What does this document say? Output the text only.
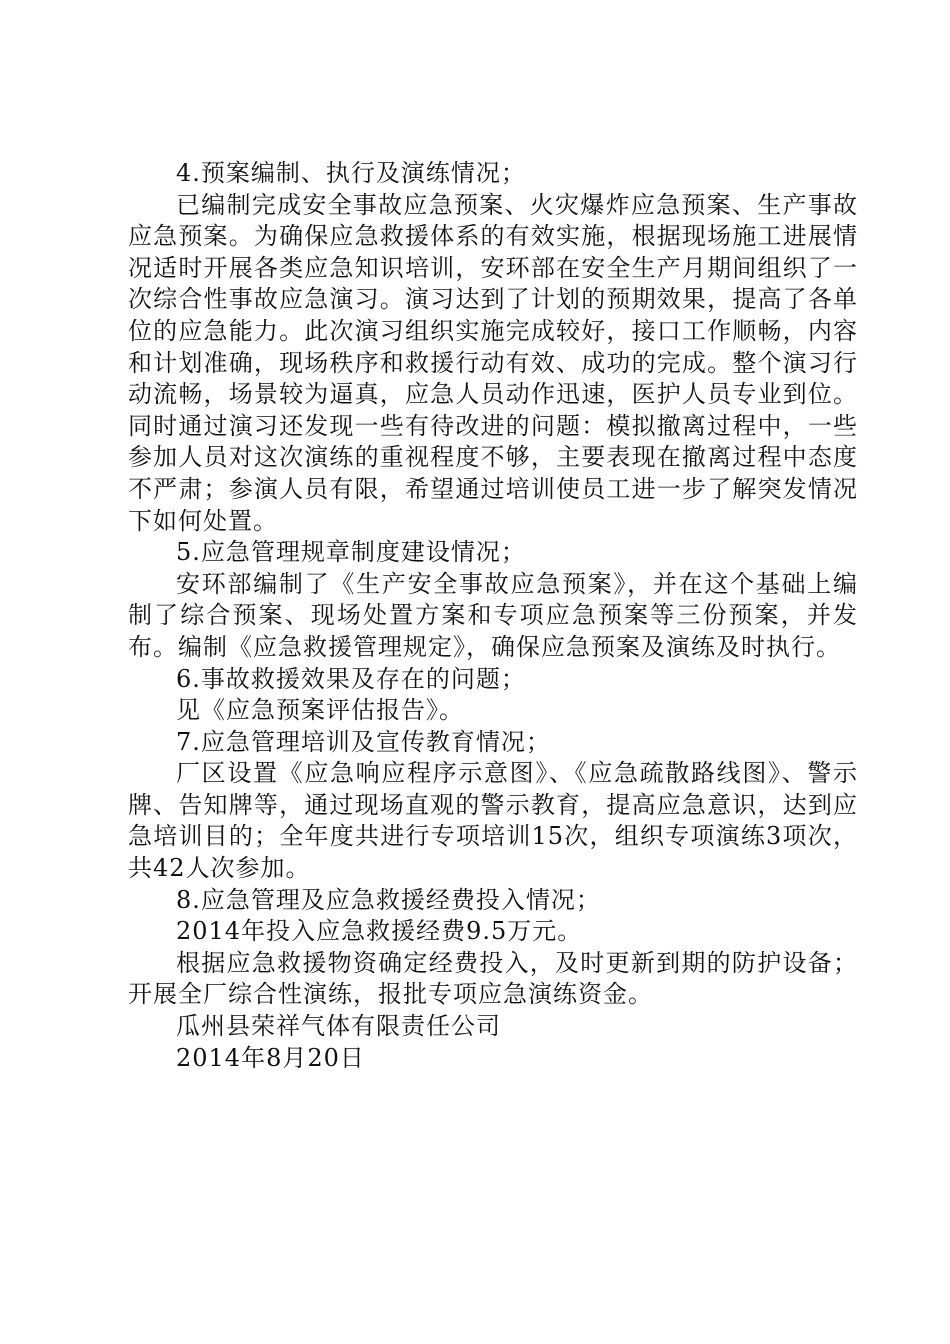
4.预案编制、执行及演练情况；

已编制完成安全事故应急预案、火灾爆炸应急预案、生产事故应急预案。为确保应急救援体系的有效实施，根据现场施工进展情况适时开展各类应急知识培训，安环部在安全生产月期间组织了一次综合性事故应急演习。演习达到了计划的预期效果，提高了各单位的应急能力。此次演习组织实施完成较好，接口工作顺畅，内容和计划准确，现场秩序和救援行动有效、成功的完成。整个演习行动流畅，场景较为逼真，应急人员动作迅速，医护人员专业到位。同时通过演习还发现一些有待改进的问题：模拟撤离过程中，一些参加人员对这次演练的重视程度不够，主要表现在撤离过程中态度不严肃；参演人员有限，希望通过培训使员工进一步了解突发情况下如何处置。

5.应急管理规章制度建设情况；

安环部编制了《生产安全事故应急预案》，并在这个基础上编制了综合预案、现场处置方案和专项应急预案等三份预案，并发布。编制《应急救援管理规定》，确保应急预案及演练及时执行。

6.事故救援效果及存在的问题；

见《应急预案评估报告》。

7.应急管理培训及宣传教育情况；

厂区设置《应急响应程序示意图》、《应急疏散路线图》、警示牌、告知牌等，通过现场直观的警示教育，提高应急意识，达到应急培训目的；全年度共进行专项培训15次，组织专项演练3项次，共42人次参加。

8.应急管理及应急救援经费投入情况；

2014年投入应急救援经费9.5万元。

根据应急救援物资确定经费投入，及时更新到期的防护设备；开展全厂综合性演练，报批专项应急演练资金。

瓜州县荣祥气体有限责任公司

2014年8月20日
